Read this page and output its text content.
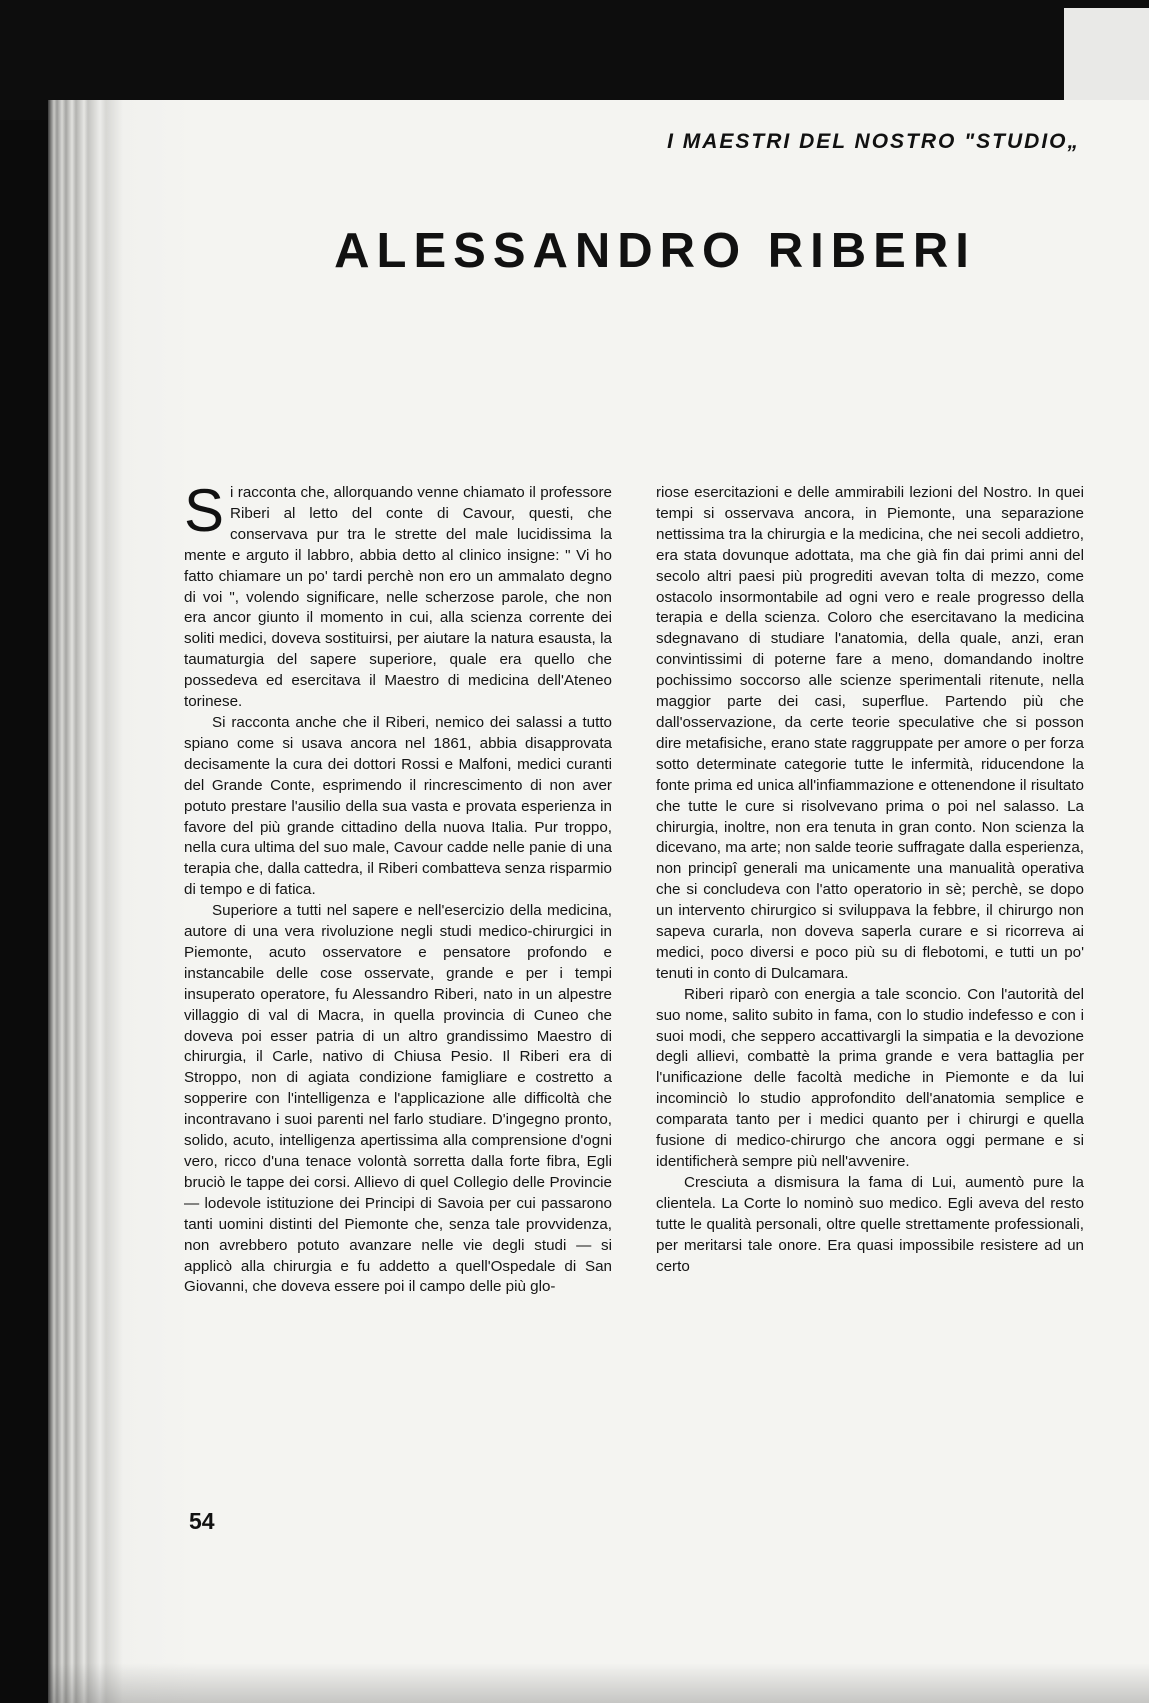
I MAESTRI DEL NOSTRO "STUDIO„

ALESSANDRO RIBERI

Si racconta che, allorquando venne chiamato il professore Riberi al letto del conte di Cavour, questi, che conservava pur tra le strette del male lucidissima la mente e arguto il labbro, abbia detto al clinico insigne: " Vi ho fatto chiamare un po' tardi perchè non ero un ammalato degno di voi ", volendo significare, nelle scherzose parole, che non era ancor giunto il momento in cui, alla scienza corrente dei soliti medici, doveva sostituirsi, per aiutare la natura esausta, la taumaturgia del sapere superiore, quale era quello che possedeva ed esercitava il Maestro di medicina dell'Ateneo torinese.

Si racconta anche che il Riberi, nemico dei salassi a tutto spiano come si usava ancora nel 1861, abbia disapprovata decisamente la cura dei dottori Rossi e Malfoni, medici curanti del Grande Conte, esprimendo il rincrescimento di non aver potuto prestare l'ausilio della sua vasta e provata esperienza in favore del più grande cittadino della nuova Italia. Pur troppo, nella cura ultima del suo male, Cavour cadde nelle panie di una terapia che, dalla cattedra, il Riberi combatteva senza risparmio di tempo e di fatica.

Superiore a tutti nel sapere e nell'esercizio della medicina, autore di una vera rivoluzione negli studi medico-chirurgici in Piemonte, acuto osservatore e pensatore profondo e instancabile delle cose osservate, grande e per i tempi insuperato operatore, fu Alessandro Riberi, nato in un alpestre villaggio di val di Macra, in quella provincia di Cuneo che doveva poi esser patria di un altro grandissimo Maestro di chirurgia, il Carle, nativo di Chiusa Pesio. Il Riberi era di Stroppo, non di agiata condizione famigliare e costretto a sopperire con l'intelligenza e l'applicazione alle difficoltà che incontravano i suoi parenti nel farlo studiare. D'ingegno pronto, solido, acuto, intelligenza apertissima alla comprensione d'ogni vero, ricco d'una tenace volontà sorretta dalla forte fibra, Egli bruciò le tappe dei corsi. Allievo di quel Collegio delle Provincie — lodevole istituzione dei Principi di Savoia per cui passarono tanti uomini distinti del Piemonte che, senza tale provvidenza, non avrebbero potuto avanzare nelle vie degli studi — si applicò alla chirurgia e fu addetto a quell'Ospedale di San Giovanni, che doveva essere poi il campo delle più glo-

riose esercitazioni e delle ammirabili lezioni del Nostro. In quei tempi si osservava ancora, in Piemonte, una separazione nettissima tra la chirurgia e la medicina, che nei secoli addietro, era stata dovunque adottata, ma che già fin dai primi anni del secolo altri paesi più progrediti avevan tolta di mezzo, come ostacolo insormontabile ad ogni vero e reale progresso della terapia e della scienza. Coloro che esercitavano la medicina sdegnavano di studiare l'anatomia, della quale, anzi, eran convintissimi di poterne fare a meno, domandando inoltre pochissimo soccorso alle scienze sperimentali ritenute, nella maggior parte dei casi, superflue. Partendo più che dall'osservazione, da certe teorie speculative che si posson dire metafisiche, erano state raggruppate per amore o per forza sotto determinate categorie tutte le infermità, riducendone la fonte prima ed unica all'infiammazione e ottenendone il risultato che tutte le cure si risolvevano prima o poi nel salasso. La chirurgia, inoltre, non era tenuta in gran conto. Non scienza la dicevano, ma arte; non salde teorie suffragate dalla esperienza, non principî generali ma unicamente una manualità operativa che si concludeva con l'atto operatorio in sè; perchè, se dopo un intervento chirurgico si sviluppava la febbre, il chirurgo non sapeva curarla, non doveva saperla curare e si ricorreva ai medici, poco diversi e poco più su di flebotomi, e tutti un po' tenuti in conto di Dulcamara.

Riberi riparò con energia a tale sconcio. Con l'autorità del suo nome, salito subito in fama, con lo studio indefesso e con i suoi modi, che seppero accattivargli la simpatia e la devozione degli allievi, combattè la prima grande e vera battaglia per l'unificazione delle facoltà mediche in Piemonte e da lui incominciò lo studio approfondito dell'anatomia semplice e comparata tanto per i medici quanto per i chirurgi e quella fusione di medico-chirurgo che ancora oggi permane e si identificherà sempre più nell'avvenire.

Cresciuta a dismisura la fama di Lui, aumentò pure la clientela. La Corte lo nominò suo medico. Egli aveva del resto tutte le qualità personali, oltre quelle strettamente professionali, per meritarsi tale onore. Era quasi impossibile resistere ad un certo

54
